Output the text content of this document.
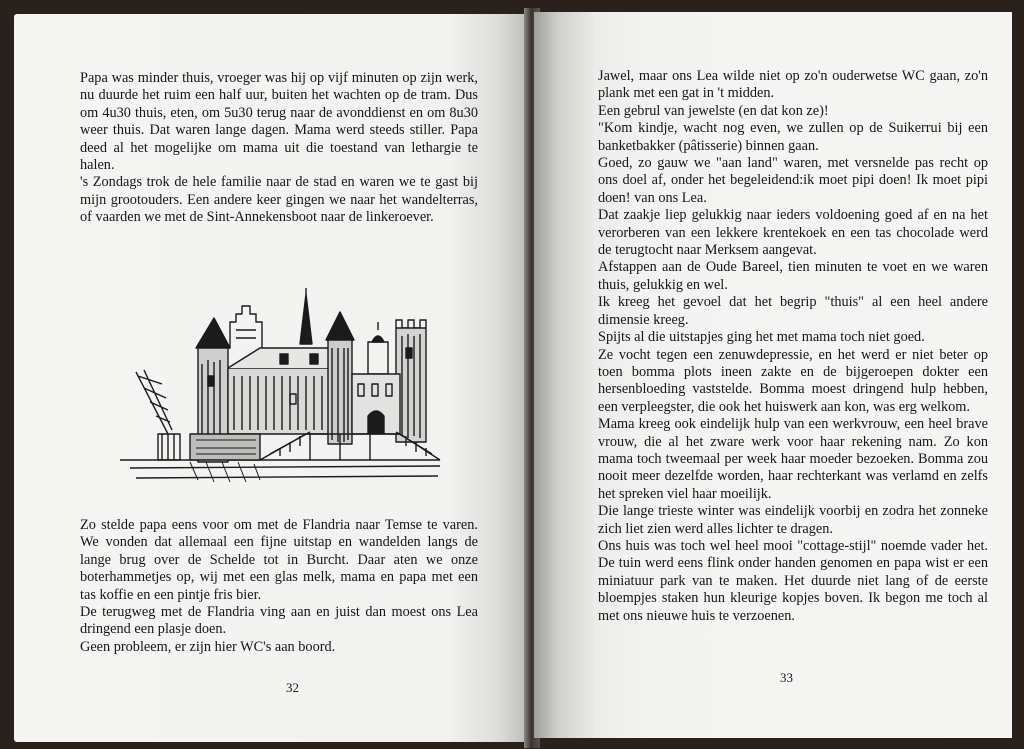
Papa was minder thuis, vroeger was hij op vijf minuten op zijn werk, nu duurde het ruim een half uur, buiten het wachten op de tram. Dus om 4u30 thuis, eten, om 5u30 terug naar de avonddienst en om 8u30 weer thuis. Dat waren lange dagen. Mama werd steeds stiller. Papa deed al het mogelijke om mama uit die toestand van lethargie te halen.

's Zondags trok de hele familie naar de stad en waren we te gast bij mijn grootouders. Een andere keer gingen we naar het wandelterras, of vaarden we met de Sint-Annekensboot naar de linkeroever.

Zo stelde papa eens voor om met de Flandria naar Temse te varen. We vonden dat allemaal een fijne uitstap en wandelden langs de lange brug over de Schelde tot in Burcht. Daar aten we onze boterhammetjes op, wij met een glas melk, mama en papa met een tas koffie en een pintje fris bier.

De terugweg met de Flandria ving aan en juist dan moest ons Lea dringend een plasje doen.

Geen probleem, er zijn hier WC's aan boord.

32

Jawel, maar ons Lea wilde niet op zo'n ouderwetse WC gaan, zo'n plank met een gat in 't midden.

Een gebrul van jewelste (en dat kon ze)!

"Kom kindje, wacht nog even, we zullen op de Suikerrui bij een banketbakker (pâtisserie) binnen gaan.

Goed, zo gauw we "aan land" waren, met versnelde pas recht op ons doel af, onder het begeleidend:ik moet pipi doen! Ik moet pipi doen! van ons Lea.

Dat zaakje liep gelukkig naar ieders voldoening goed af en na het verorberen van een lekkere krentekoek en een tas chocolade werd de terugtocht naar Merksem aangevat.

Afstappen aan de Oude Bareel, tien minuten te voet en we waren thuis, gelukkig en wel.

Ik kreeg het gevoel dat het begrip "thuis" al een heel andere dimensie kreeg.

Spijts al die uitstapjes ging het met mama toch niet goed.

Ze vocht tegen een zenuwdepressie, en het werd er niet beter op toen bomma plots ineen zakte en de bijgeroepen dokter een hersenbloeding vaststelde. Bomma moest dringend hulp hebben, een verpleegster, die ook het huiswerk aan kon, was erg welkom.

Mama kreeg ook eindelijk hulp van een werkvrouw, een heel brave vrouw, die al het zware werk voor haar rekening nam. Zo kon mama toch tweemaal per week haar moeder bezoeken. Bomma zou nooit meer dezelfde worden, haar rechterkant was verlamd en zelfs het spreken viel haar moeilijk.

Die lange trieste winter was eindelijk voorbij en zodra het zonneke zich liet zien werd alles lichter te dragen.

Ons huis was toch wel heel mooi "cottage-stijl" noemde vader het. De tuin werd eens flink onder handen genomen en papa wist er een miniatuur park van te maken. Het duurde niet lang of de eerste bloempjes staken hun kleurige kopjes boven. Ik begon me toch al met ons nieuwe huis te verzoenen.

33
